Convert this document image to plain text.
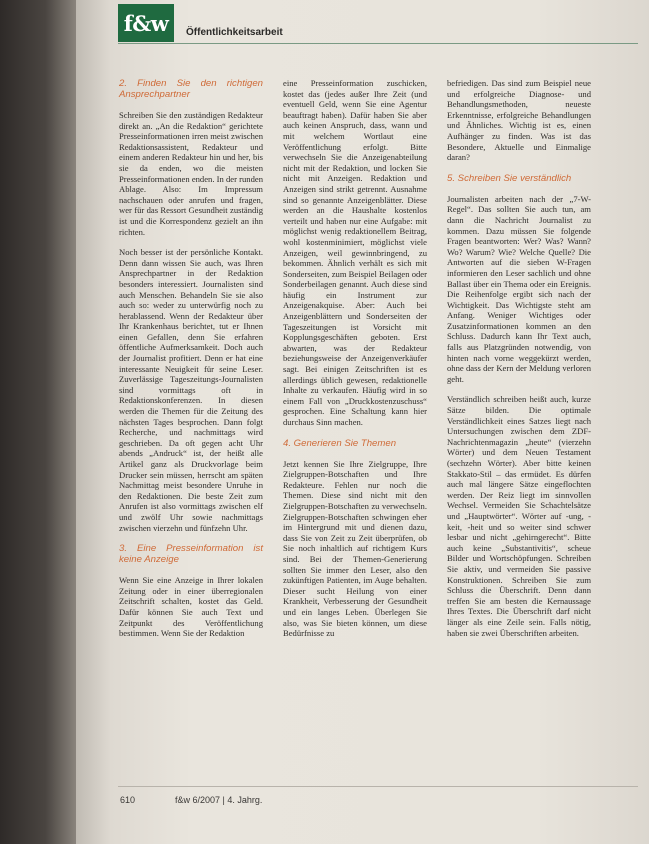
f&w	Öffentlichkeitsarbeit
2. Finden Sie den richtigen Ansprechpartner
Schreiben Sie den zuständigen Redakteur direkt an. „An die Redaktion“ gerichtete Presseinformationen irren meist zwischen Redaktionsassistent, Redakteur und einem anderen Redakteur hin und her, bis sie da enden, wo die meisten Presseinformationen enden. In der runden Ablage. Also: Im Impressum nachschauen oder anrufen und fragen, wer für das Ressort Gesundheit zuständig ist und die Korrespondenz gezielt an ihn richten.
Noch besser ist der persönliche Kontakt. Denn dann wissen Sie auch, was Ihren Ansprechpartner in der Redaktion besonders interessiert. Journalisten sind auch Menschen. Behandeln Sie sie also auch so: weder zu unterwürfig noch zu herablassend. Wenn der Redakteur über Ihr Krankenhaus berichtet, tut er Ihnen einen Gefallen, denn Sie erfahren öffentliche Aufmerksamkeit. Doch auch der Journalist profitiert. Denn er hat eine interessante Neuigkeit für seine Leser. Zuverlässige Tageszeitungs-Journalisten sind vormittags oft in Redaktionskonferenzen. In diesen werden die Themen für die Zeitung des nächsten Tages besprochen. Dann folgt Recherche, und nachmittags wird geschrieben. Da oft gegen acht Uhr abends „Andruck“ ist, der heißt alle Artikel ganz als Druckvorlage beim Drucker sein müssen, herrscht am späten Nachmittag meist besondere Unruhe in den Redaktionen. Die beste Zeit zum Anrufen ist also vormittags zwischen elf und zwölf Uhr sowie nachmittags zwischen vierzehn und fünfzehn Uhr.
3. Eine Presseinformation ist keine Anzeige
Wenn Sie eine Anzeige in Ihrer lokalen Zeitung oder in einer überregionalen Zeitschrift schalten, kostet das Geld. Dafür können Sie auch Text und Zeitpunkt des Veröffentlichung bestimmen. Wenn Sie der Redaktion
eine Presseinformation zuschicken, kostet das (jedes außer Ihre Zeit (und eventuell Geld, wenn Sie eine Agentur beauftragt haben). Dafür haben Sie aber auch keinen Anspruch, dass, wann und mit welchem Wortlaut eine Veröffentlichung erfolgt. Bitte verwechseln Sie die Anzeigenabteilung nicht mit der Redaktion, und locken Sie nicht mit Anzeigen. Redaktion und Anzeigen sind strikt getrennt. Ausnahme sind so genannte Anzeigenblätter. Diese werden an die Haushalte kostenlos verteilt und haben nur eine Aufgabe: mit möglichst wenig redaktionellem Beitrag, wohl kostenminimiert, möglichst viele Anzeigen, weil gewinnbringend, zu bekommen. Ähnlich verhält es sich mit Sonderseiten, zum Beispiel Beilagen oder Sonderbeilagen genannt. Auch diese sind häufig ein Instrument zur Anzeigenakquise. Aber: Auch bei Anzeigenblättern und Sonderseiten der Tageszeitungen ist Vorsicht mit Kopplungsgeschäften geboten. Erst abwarten, was der Redakteur beziehungsweise der Anzeigenverkäufer sagt. Bei einigen Zeitschriften ist es allerdings üblich gewesen, redaktionelle Inhalte zu verkaufen. Häufig wird in so einem Fall von „Druckkostenzuschuss“ gesprochen. Eine Schaltung kann hier durchaus Sinn machen.
4. Generieren Sie Themen
Jetzt kennen Sie Ihre Zielgruppe, Ihre Zielgruppen-Botschaften und Ihre Redakteure. Fehlen nur noch die Themen. Diese sind nicht mit den Zielgruppen-Botschaften zu verwechseln. Zielgruppen-Botschaften schwingen eher im Hintergrund mit und dienen dazu, dass Sie von Zeit zu Zeit überprüfen, ob Sie noch inhaltlich auf richtigem Kurs sind. Bei der Themen-Generierung sollten Sie immer den Leser, also den zukünftigen Patienten, im Auge behalten. Dieser sucht Heilung von einer Krankheit, Verbesserung der Gesundheit und ein langes Leben. Überlegen Sie also, was Sie bieten können, um diese Bedürfnisse zu
befriedigen. Das sind zum Beispiel neue und erfolgreiche Diagnose- und Behandlungsmethoden, neueste Erkenntnisse, erfolgreiche Behandlungen und Ähnliches. Wichtig ist es, einen Aufhänger zu finden. Was ist das Besondere, Aktuelle und Einmalige daran?
5. Schreiben Sie verständlich
Journalisten arbeiten nach der „7-W-Regel“. Das sollten Sie auch tun, am dann die Nachricht Journalist zu kommen. Dazu müssen Sie folgende Fragen beantworten: Wer? Was? Wann? Wo? Warum? Wie? Welche Quelle? Die Antworten auf die sieben W-Fragen informieren den Leser sachlich und ohne Ballast über ein Thema oder ein Ereignis. Die Reihenfolge ergibt sich nach der Wichtigkeit. Das Wichtigste steht am Anfang. Weniger Wichtiges oder Zusatzinformationen kommen an den Schluss. Dadurch kann Ihr Text auch, falls aus Platzgründen notwendig, von hinten nach vorne weggekürzt werden, ohne dass der Kern der Meldung verloren geht.
Verständlich schreiben heißt auch, kurze Sätze bilden. Die optimale Verständlichkeit eines Satzes liegt nach Untersuchungen zwischen dem ZDF-Nachrichtenmagazin „heute“ (vierzehn Wörter) und dem Neuen Testament (sechzehn Wörter). Aber bitte keinen Stakkato-Stil – das ermüdet. Es dürfen auch mal längere Sätze eingeflochten werden. Der Reiz liegt im sinnvollen Wechsel. Vermeiden Sie Schachtelsätze und „Hauptwörter“. Wörter auf -ung, -keit, -heit und so weiter sind schwer lesbar und nicht „gehirngerecht“. Bitte auch keine „Substantivitis“, scheue Bilder und Wortschöpfungen. Schreiben Sie aktiv, und vermeiden Sie passive Konstruktionen. Schreiben Sie zum Schluss die Überschrift. Denn dann treffen Sie am besten die Kernaussage Ihres Textes. Die Überschrift darf nicht länger als eine Zeile sein. Falls nötig, haben sie zwei Überschriften arbeiten.
610	f&w 6/2007 | 4. Jahrg.
